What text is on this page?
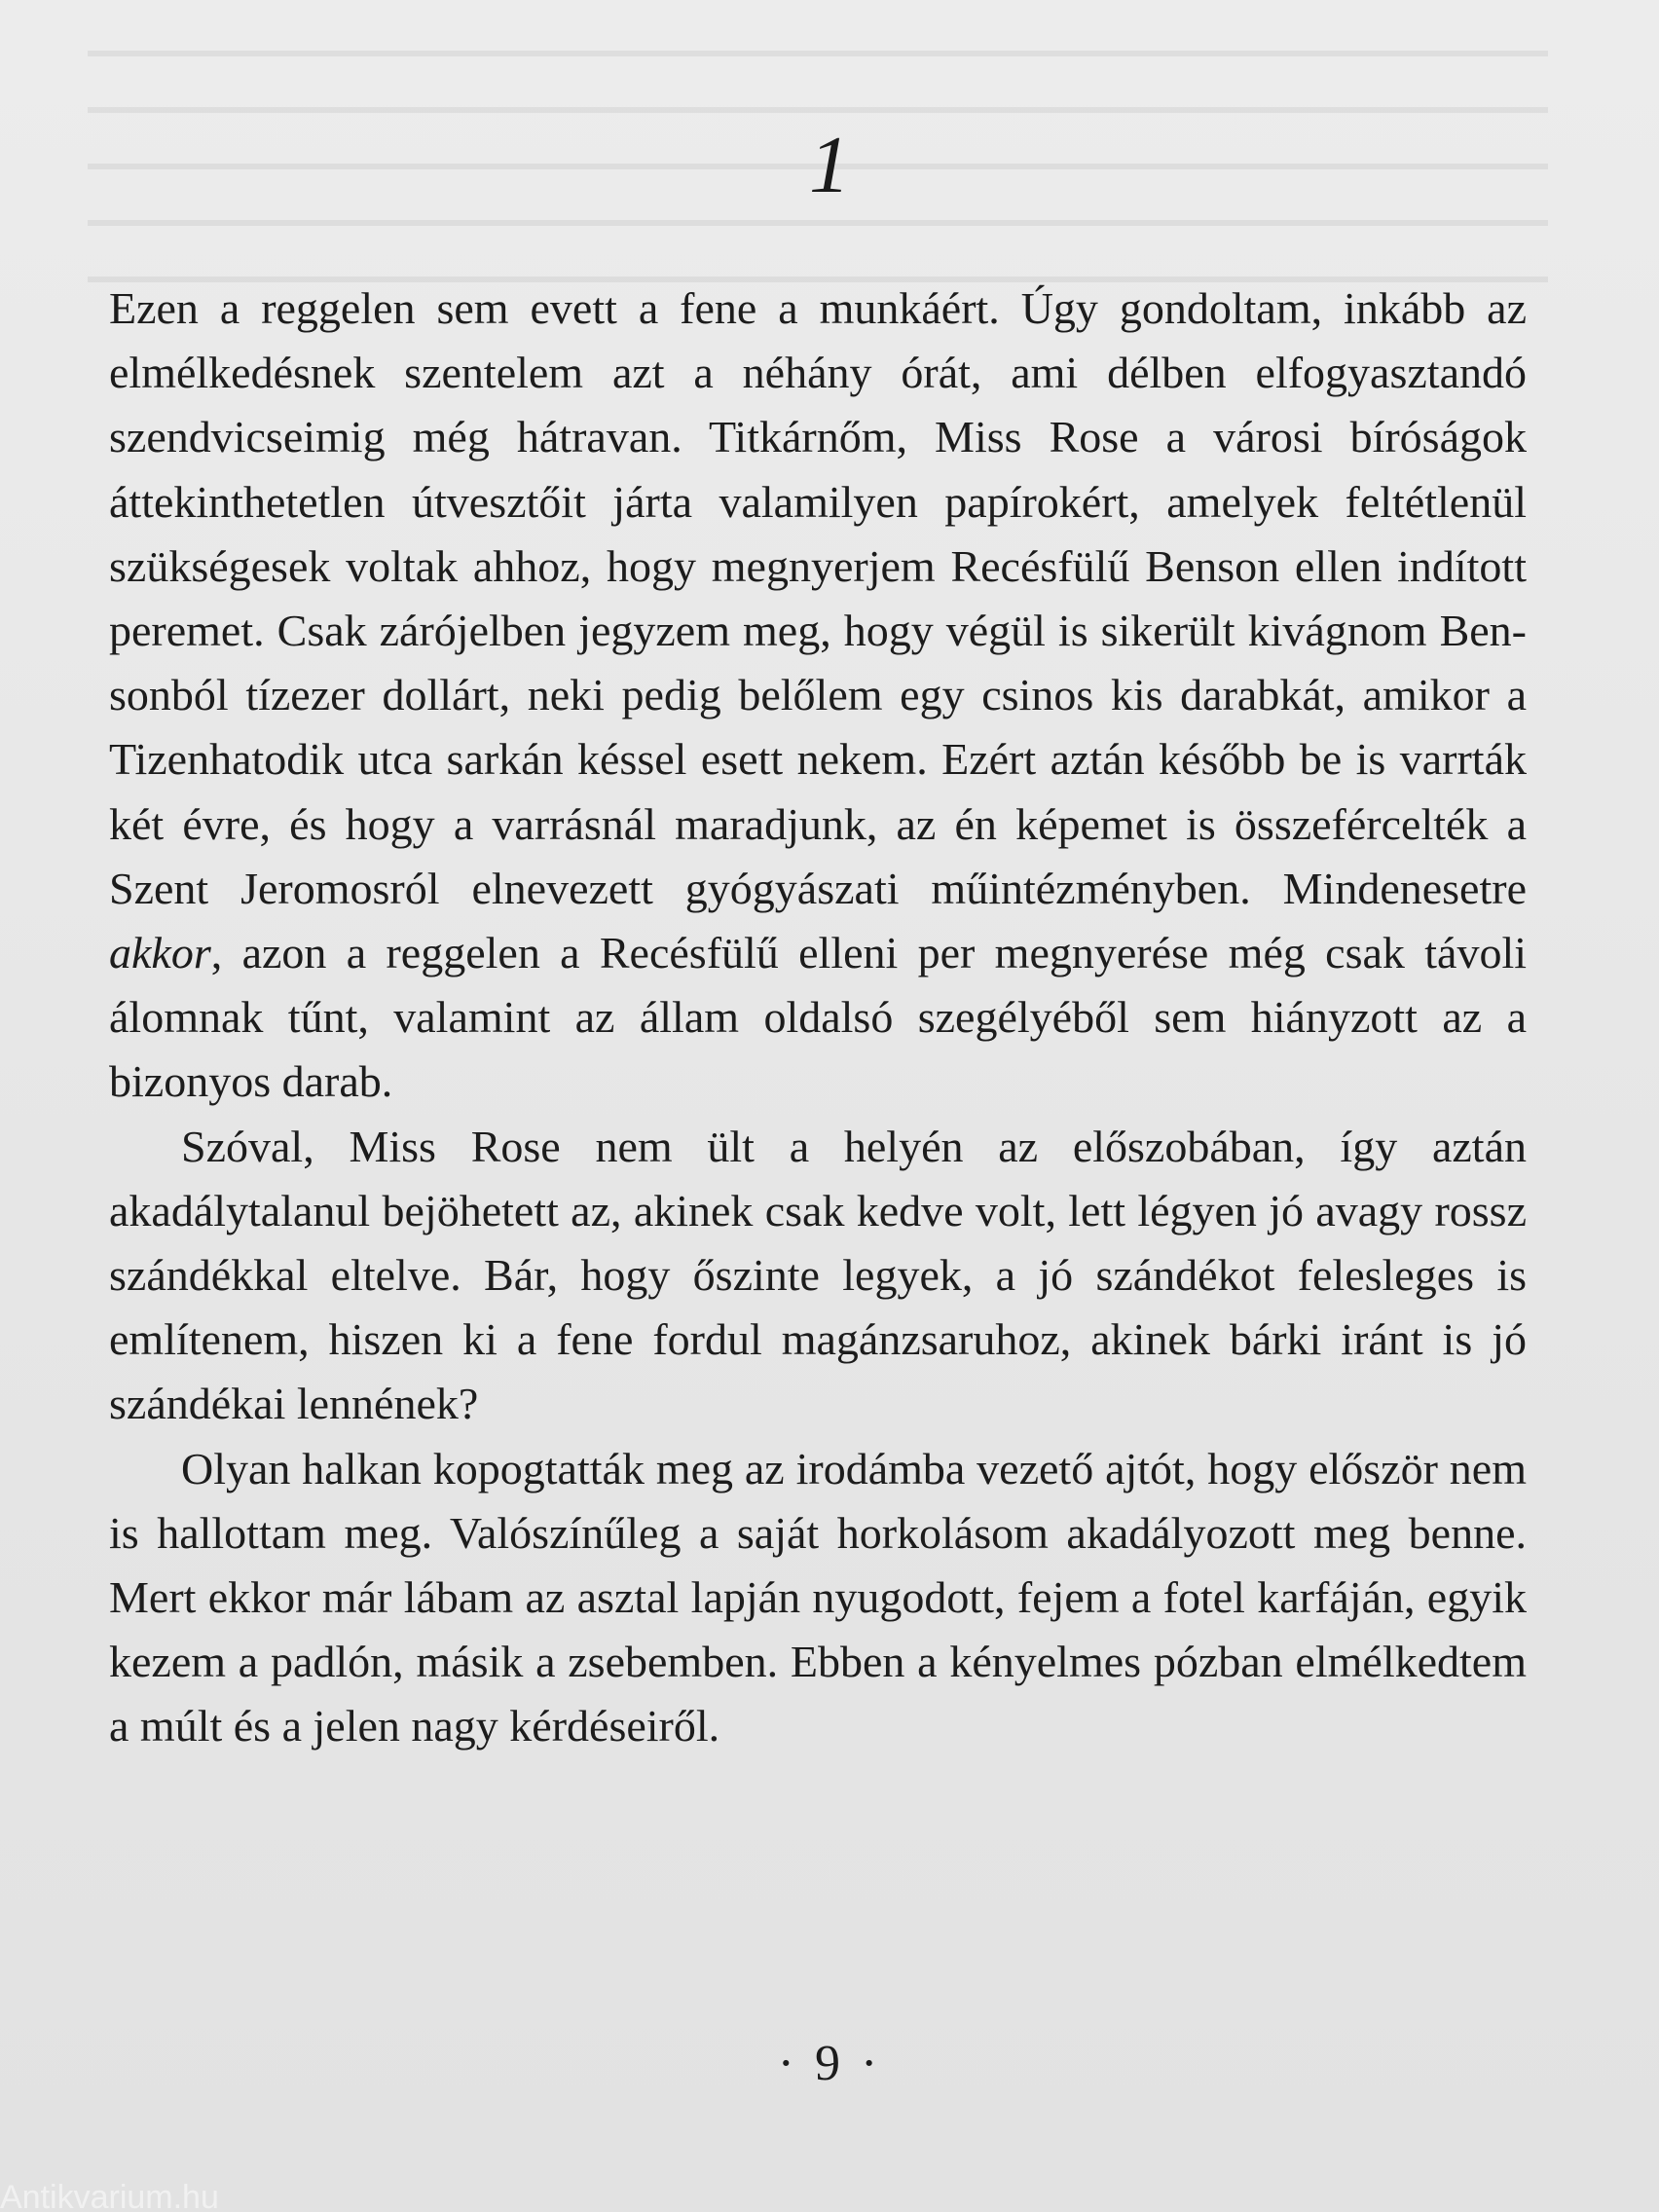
1

Ezen a reggelen sem evett a fene a munkáért. Úgy gondoltam, inkább az elmélkedésnek szentelem azt a néhány órát, ami délben elfogyasztandó szendvicseimig még hátravan. Titkárnőm, Miss Rose a városi bíróságok áttekinthetetlen útvesztőit járta valamilyen papírokért, amelyek feltétlenül szükségesek voltak ahhoz, hogy megnyerjem Recésfülű Benson ellen indított peremet. Csak zárójelben jegyzem meg, hogy végül is sikerült kivágnom Bensonból tízezer dollárt, neki pedig belőlem egy csinos kis darabkát, amikor a Tizenhatodik utca sarkán késsel esett nekem. Ezért aztán később be is varrták két évre, és hogy a varrásnál maradjunk, az én képemet is összefércelték a Szent Jeromosról elnevezett gyógyászati műintézményben. Mindenesetre akkor, azon a reggelen a Recésfülű elleni per megnyerése még csak távoli álomnak tűnt, valamint az állam oldalsó szegélyéből sem hiányzott az a bizonyos darab.

Szóval, Miss Rose nem ült a helyén az előszobában, így aztán akadálytalanul bejöhetett az, akinek csak kedve volt, lett légyen jó avagy rossz szándékkal eltelve. Bár, hogy őszinte legyek, a jó szándékot felesleges is említenem, hiszen ki a fene fordul magánzsaruhoz, akinek bárki iránt is jó szándékai lennének?

Olyan halkan kopogtatták meg az irodámba vezető ajtót, hogy először nem is hallottam meg. Valószínűleg a saját horkolásom akadályozott meg benne. Mert ekkor már lábam az asztal lapján nyugodott, fejem a fotel karfáján, egyik kezem a padlón, másik a zsebemben. Ebben a kényelmes pózban elmélkedtem a múlt és a jelen nagy kérdéseiről.

· 9 ·
Antikvarium.hu
